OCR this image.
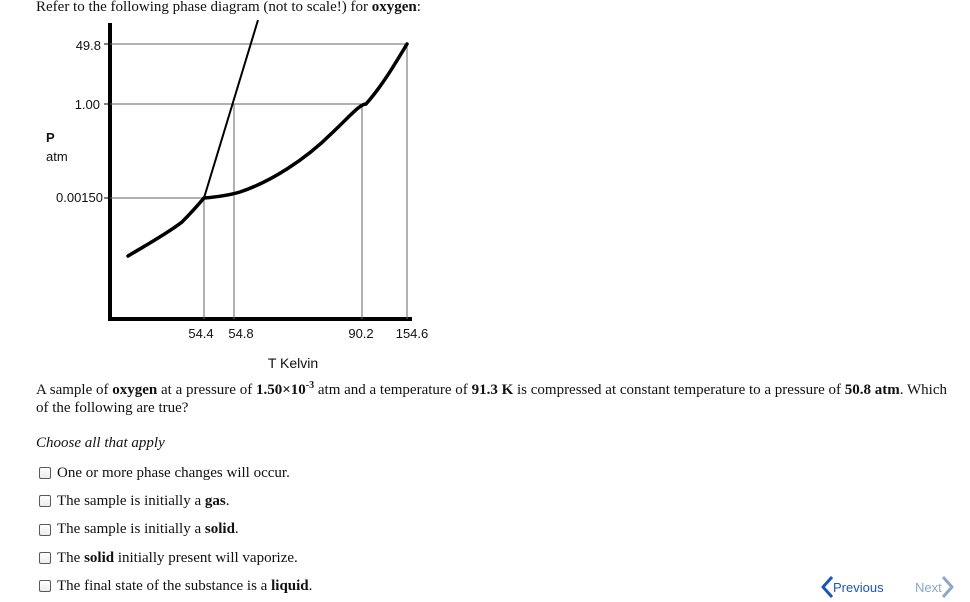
Refer to the following phase diagram (not to scale!) for oxygen:
49.8
1.00
0.00150
P
atm
54.4 54.8	90.2 154.6
T Kelvin
A sample of oxygen at a pressure of $1.50\times 10^{-3}$ atm and a temperature of 91.3 K is compressed at constant temperature to a pressure of 50.8 atm. Which of the following are true?
Choose all that apply
One or more phase changes will occur.
The sample is initially a gas.
The sample is initially a solid.
The solid initially present will vaporize.
The final state of the substance is a liquid.	Previous Next
